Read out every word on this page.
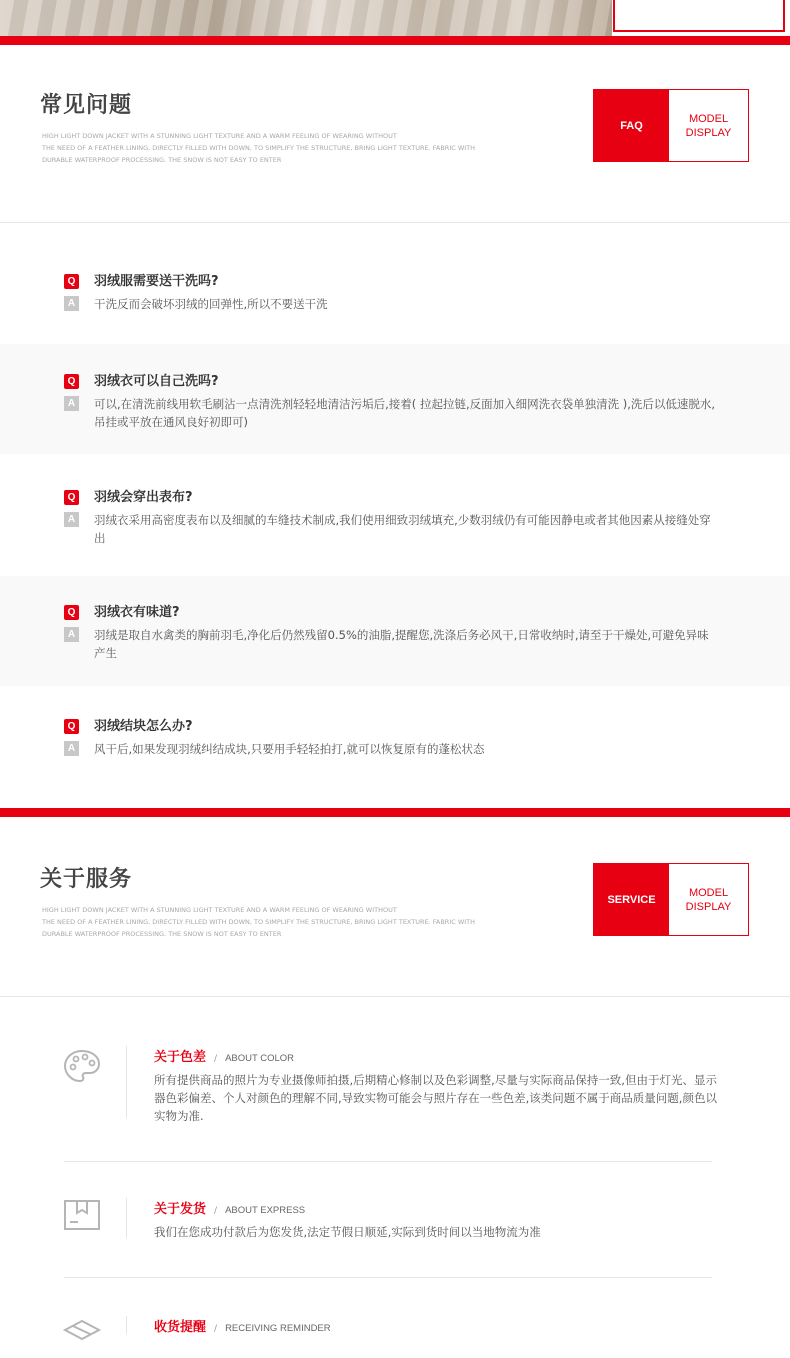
常见问题
HIGH LIGHT DOWN JACKET WITH A STUNNING LIGHT TEXTURE AND A WARM FEELING OF WEARING WITHOUT
THE NEED OF A FEATHER LINING, DIRECTLY FILLED WITH DOWN, TO SIMPLIFY THE STRUCTURE, BRING LIGHT TEXTURE. FABRIC WITH
DURABLE WATERPROOF PROCESSING. THE SNOW IS NOT EASY TO ENTER
FAQ
MODEL
DISPLAY
Q 羽绒服需要送干洗吗?
A	干洗反而会破坏羽绒的回弹性,所以不要送干洗
Q 羽绒衣可以自己洗吗?
A	可以,在清洗前线用软毛刷沾一点清洗剂轻轻地清洁污垢后,接着( 拉起拉链,反面加入细网洗衣袋单独清洗 ),洗后以低速脱水,吊挂或平放在通风良好初即可)
Q 羽绒会穿出表布?
A	羽绒衣采用高密度表布以及细腻的车缝技术制成,我们使用细致羽绒填充,少数羽绒仍有可能因静电或者其他因素从接缝处穿出
Q 羽绒衣有味道?
A	羽绒是取自水禽类的胸前羽毛,净化后仍然残留0.5%的油脂,提醒您,洗涤后务必风干,日常收纳时,请至于干燥处,可避免异味产生
Q 羽绒结块怎么办?
A	风干后,如果发现羽绒纠结成块,只要用手轻轻拍打,就可以恢复原有的蓬松状态
关于服务
HIGH LIGHT DOWN JACKET WITH A STUNNING LIGHT TEXTURE AND A WARM FEELING OF WEARING WITHOUT
THE NEED OF A FEATHER LINING, DIRECTLY FILLED WITH DOWN, TO SIMPLIFY THE STRUCTURE, BRING LIGHT TEXTURE. FABRIC WITH
DURABLE WATERPROOF PROCESSING. THE SNOW IS NOT EASY TO ENTER
SERVICE
MODEL
DISPLAY
关于色差 / ABOUT COLOR
所有提供商品的照片为专业摄像师拍摄,后期精心修制以及色彩调整,尽量与实际商品保持一致,但由于灯光、显示器色彩偏差、个人对颜色的理解不同,导致实物可能会与照片存在一些色差,该类问题不属于商品质量问题,颜色以实物为准.
关于发货 / ABOUT EXPRESS
我们在您成功付款后为您发货,法定节假日顺延,实际到货时间以当地物流为准
收货提醒 / RECEIVING REMINDER
